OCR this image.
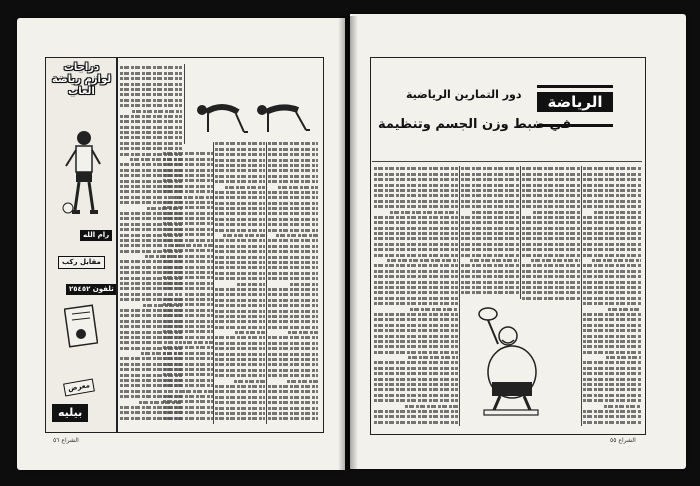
دراجات
لوازم رياضة
العاب
رام الله
مقابل ركب
تلفون ٢٥٤٥٢
معرض
بيليه
الشراع ٥٦
الرياضة
دور التمارين الرياضية
في ضبط وزن الجسم وتنظيمة
الشراع ٥٥
